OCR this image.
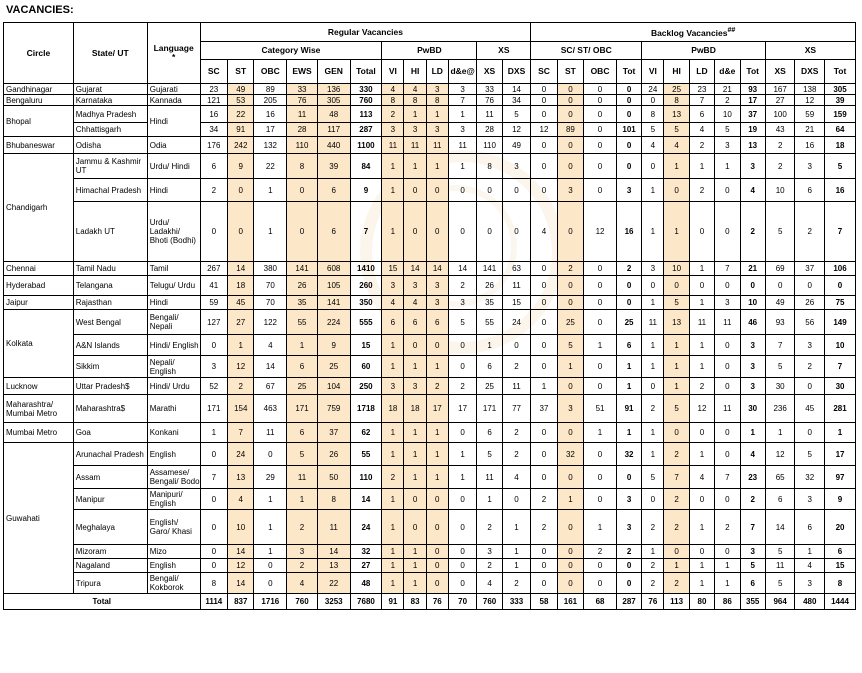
VACANCIES:
Circle	State/ UT	Language
*	Regular Vacancies												Backlog Vacancies##
			Category Wise						PwBD				XS		SC/ ST/ OBC				PwBD					XS		
			SC	ST	OBC	EWS	GEN	Total	VI	HI	LD	d&e@	XS	DXS	SC	ST	OBC	Tot	VI	HI	LD	d&e	Tot	XS	DXS	Tot
Gandhinagar	Gujarat	Gujarati	23	49	89	33	136	330	4	4	3	3	33	14	0	0	0	0	24	25	23	21	93	167	138	305
Bengaluru	Karnataka	Kannada	121	53	205	76	305	760	8	8	8	7	76	34	0	0	0	0	0	8	7	2	17	27	12	39
Bhopal	Madhya Pradesh	Hindi	16	22	16	11	48	113	2	1	1	1	11	5	0	0	0	0	8	13	6	10	37	100	59	159
	Chhattisgarh		34	91	17	28	117	287	3	3	3	3	28	12	12	89	0	101	5	5	4	5	19	43	21	64
Bhubaneswar	Odisha	Odia	176	242	132	110	440	1100	11	11	11	11	110	49	0	0	0	0	4	4	2	3	13	2	16	18
Chandigarh	Jammu & Kashmir UT	Urdu/ Hindi	6	9	22	8	39	84	1	1	1	1	8	3	0	0	0	0	0	1	1	1	3	2	3	5
	Himachal Pradesh	Hindi	2	0	1	0	6	9	1	0	0	0	0	0	0	3	0	3	1	0	2	0	4	10	6	16
	Ladakh UT	Urdu/ Ladakhi/ Bhoti (Bodhi)	0	0	1	0	6	7	1	0	0	0	0	0	4	0	12	16	1	1	0	0	2	5	2	7
Chennai	Tamil Nadu	Tamil	267	14	380	141	608	1410	15	14	14	14	141	63	0	2	0	2	3	10	1	7	21	69	37	106
Hyderabad	Telangana	Telugu/ Urdu	41	18	70	26	105	260	3	3	3	2	26	11	0	0	0	0	0	0	0	0	0	0	0	0
Jaipur	Rajasthan	Hindi	59	45	70	35	141	350	4	4	3	3	35	15	0	0	0	0	1	5	1	3	10	49	26	75
Kolkata	West Bengal	Bengali/ Nepali	127	27	122	55	224	555	6	6	6	5	55	24	0	25	0	25	11	13	11	11	46	93	56	149
	A&N Islands	Hindi/ English	0	1	4	1	9	15	1	0	0	0	1	0	0	5	1	6	1	1	1	0	3	7	3	10
	Sikkim	Nepali/ English	3	12	14	6	25	60	1	1	1	0	6	2	0	1	0	1	1	1	1	0	3	5	2	7
Lucknow	Uttar Pradesh$	Hindi/ Urdu	52	2	67	25	104	250	3	3	2	2	25	11	1	0	0	1	0	1	2	0	3	30	0	30
Maharashtra/ Mumbai Metro	Maharashtra$	Marathi	171	154	463	171	759	1718	18	18	17	17	171	77	37	3	51	91	2	5	12	11	30	236	45	281
Mumbai Metro	Goa	Konkani	1	7	11	6	37	62	1	1	1	0	6	2	0	0	1	1	1	0	0	0	1	1	0	1
Guwahati	Arunachal Pradesh	English	0	24	0	5	26	55	1	1	1	1	5	2	0	32	0	32	1	2	1	0	4	12	5	17
	Assam	Assamese/ Bengali/ Bodo	7	13	29	11	50	110	2	1	1	1	11	4	0	0	0	0	5	7	4	7	23	65	32	97
	Manipur	Manipuri/ English	0	4	1	1	8	14	1	0	0	0	1	0	2	1	0	3	0	2	0	0	2	6	3	9
	Meghalaya	English/ Garo/ Khasi	0	10	1	2	11	24	1	0	0	0	2	1	2	0	1	3	2	2	1	2	7	14	6	20
	Mizoram	Mizo	0	14	1	3	14	32	1	1	0	0	3	1	0	0	2	2	1	0	0	0	3	5	1	6
	Nagaland	English	0	12	0	2	13	27	1	1	0	0	2	1	0	0	0	0	2	1	1	1	5	11	4	15
	Tripura	Bengali/ Kokborok	8	14	0	4	22	48	1	1	0	0	4	2	0	0	0	0	2	2	1	1	6	5	3	8
Total			1114	837	1716	760	3253	7680	91	83	76	70	760	333	58	161	68	287	76	113	80	86	355	964	480	1444
